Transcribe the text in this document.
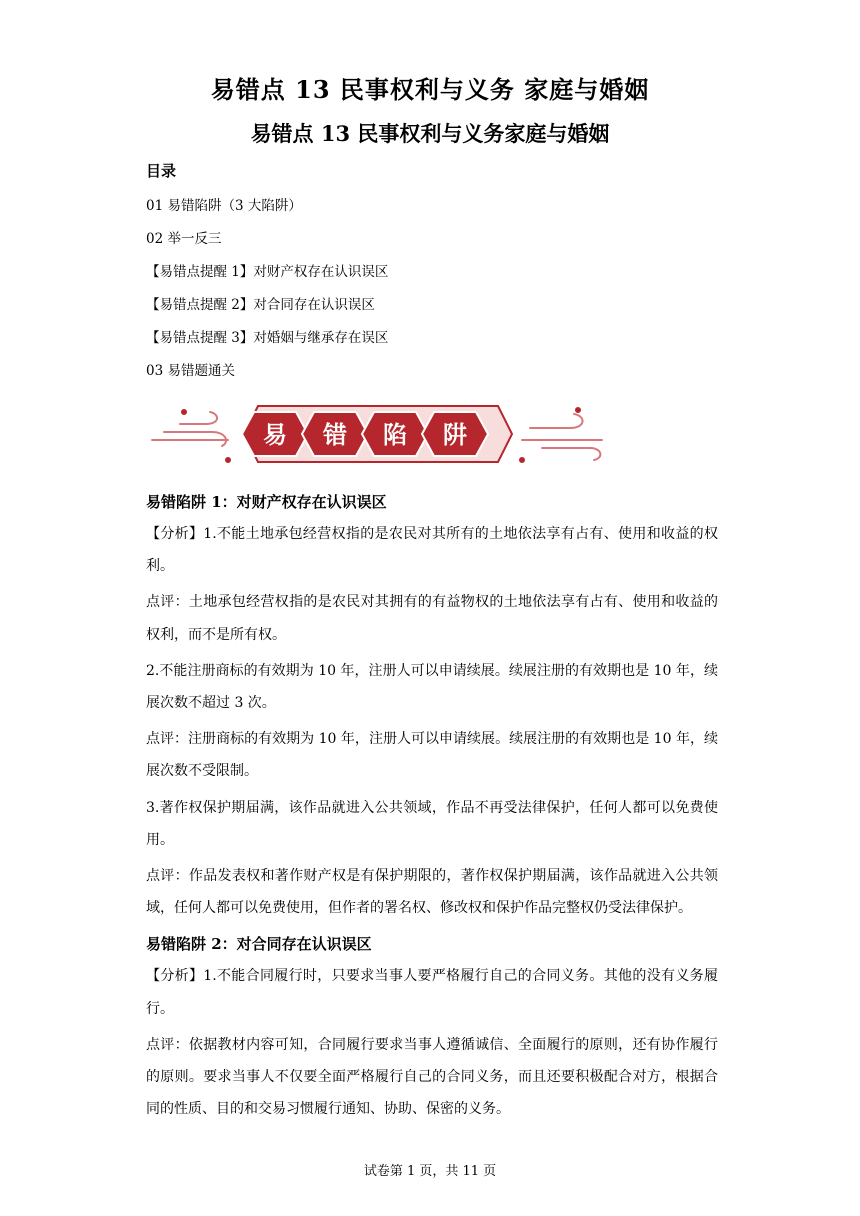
易错点 13 民事权利与义务 家庭与婚姻
易错点 13 民事权利与义务家庭与婚姻
目录
01 易错陷阱（3 大陷阱）
02 举一反三
【易错点提醒 1】对财产权存在认识误区
【易错点提醒 2】对合同存在认识误区
【易错点提醒 3】对婚姻与继承存在误区
03 易错题通关
易 错 陷 阱
易错陷阱 1：对财产权存在认识误区

【分析】1.不能土地承包经营权指的是农民对其所有的土地依法享有占有、使用和收益的权利。

点评：土地承包经营权指的是农民对其拥有的有益物权的土地依法享有占有、使用和收益的权利，而不是所有权。

2.不能注册商标的有效期为 10 年，注册人可以申请续展。续展注册的有效期也是 10 年，续展次数不超过 3 次。

点评：注册商标的有效期为 10 年，注册人可以申请续展。续展注册的有效期也是 10 年，续展次数不受限制。

3.著作权保护期届满，该作品就进入公共领域，作品不再受法律保护，任何人都可以免费使用。

点评：作品发表权和著作财产权是有保护期限的，著作权保护期届满，该作品就进入公共领域，任何人都可以免费使用，但作者的署名权、修改权和保护作品完整权仍受法律保护。

易错陷阱 2：对合同存在认识误区

【分析】1.不能合同履行时，只要求当事人要严格履行自己的合同义务。其他的没有义务履行。

点评：依据教材内容可知，合同履行要求当事人遵循诚信、全面履行的原则，还有协作履行的原则。要求当事人不仅要全面严格履行自己的合同义务，而且还要积极配合对方，根据合同的性质、目的和交易习惯履行通知、协助、保密的义务。

试卷第 1 页，共 11 页
